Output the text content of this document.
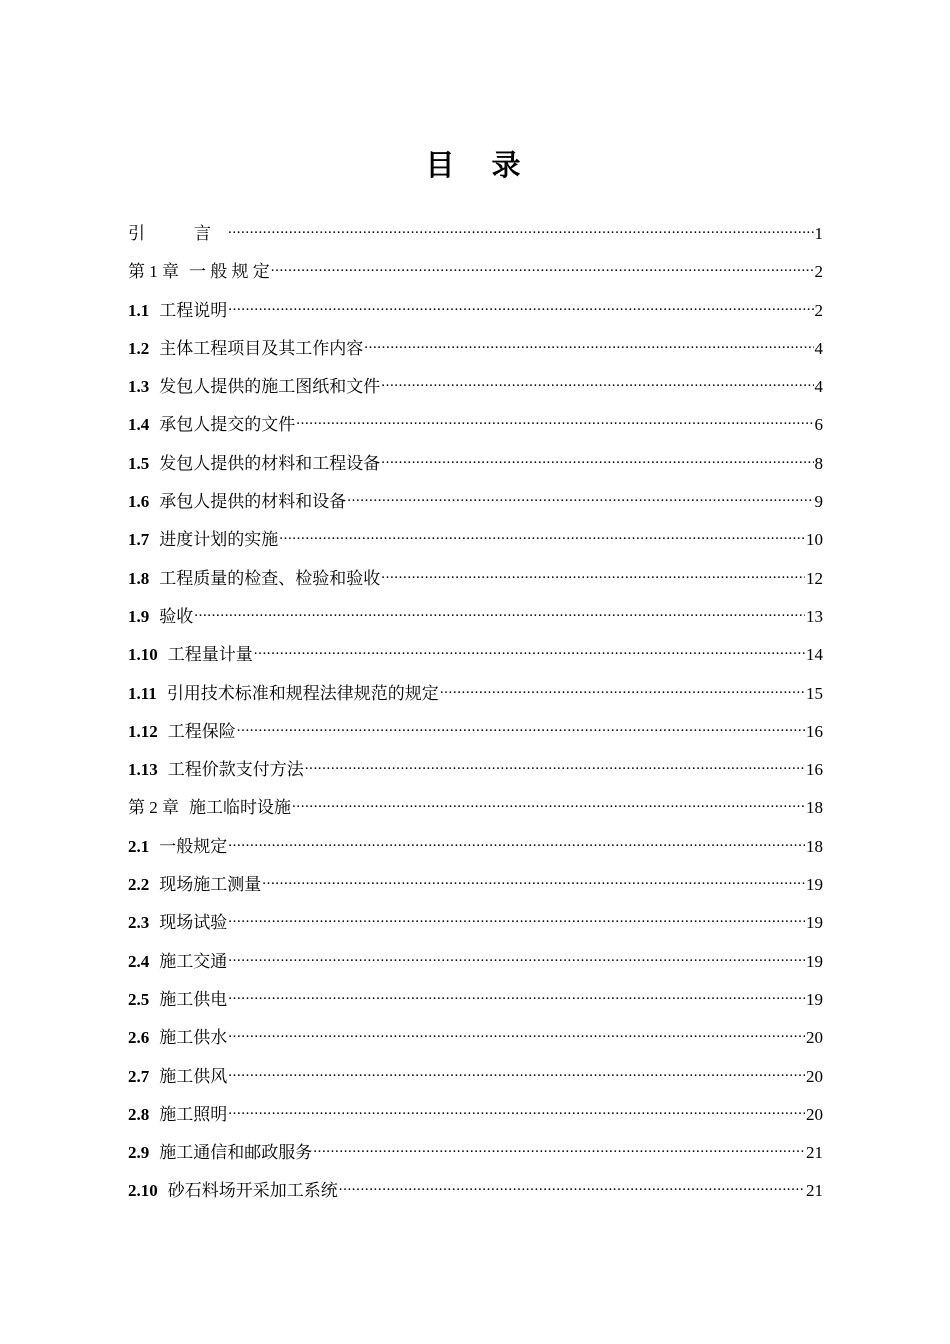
目　录
引　言 .....	1
第 1 章 一 般 规 定 .....	2
1.1 工程说明 .....	2
1.2 主体工程项目及其工作内容 .....	4
1.3 发包人提供的施工图纸和文件 .....	4
1.4 承包人提交的文件 .....	6
1.5 发包人提供的材料和工程设备 .....	8
1.6 承包人提供的材料和设备 .....	9
1.7 进度计划的实施 .....	10
1.8 工程质量的检查、检验和验收 .....	12
1.9 验收 .....	13
1.10 工程量计量 .....	14
1.11 引用技术标准和规程法律规范的规定 .....	15
1.12 工程保险 .....	16
1.13 工程价款支付方法 .....	16
第 2 章 施工临时设施 .....	18
2.1 一般规定 .....	18
2.2 现场施工测量 .....	19
2.3 现场试验 .....	19
2.4 施工交通 .....	19
2.5 施工供电 .....	19
2.6 施工供水 .....	20
2.7 施工供风 .....	20
2.8 施工照明 .....	20
2.9 施工通信和邮政服务 .....	21
2.10 砂石料场开采加工系统 .....	21
